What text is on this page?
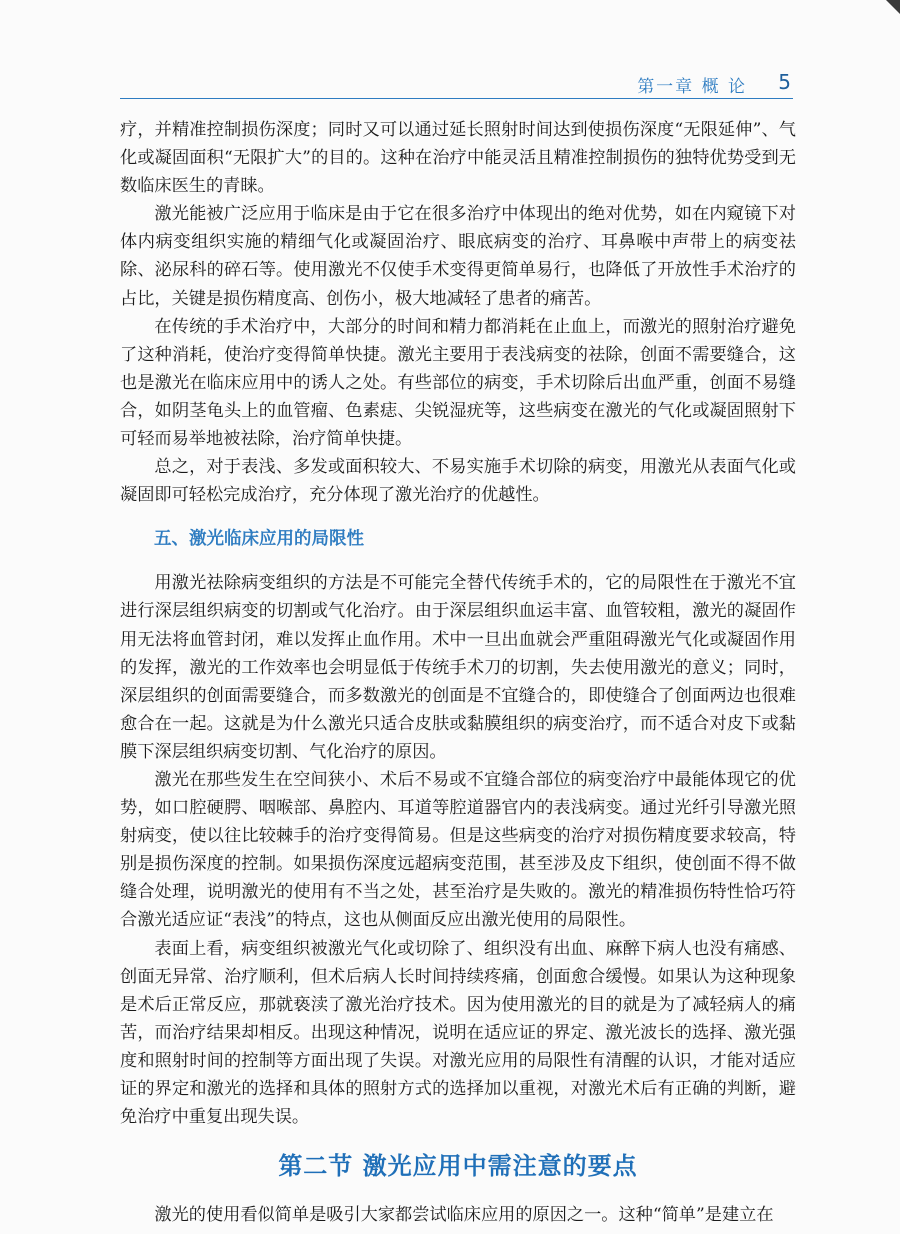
第一章 概 论 5

疗，并精准控制损伤深度；同时又可以通过延长照射时间达到使损伤深度“无限延伸”、气化或凝固面积“无限扩大”的目的。这种在治疗中能灵活且精准控制损伤的独特优势受到无数临床医生的青睐。

激光能被广泛应用于临床是由于它在很多治疗中体现出的绝对优势，如在内窥镜下对体内病变组织实施的精细气化或凝固治疗、眼底病变的治疗、耳鼻喉中声带上的病变祛除、泌尿科的碎石等。使用激光不仅使手术变得更简单易行，也降低了开放性手术治疗的占比，关键是损伤精度高、创伤小，极大地减轻了患者的痛苦。

在传统的手术治疗中，大部分的时间和精力都消耗在止血上，而激光的照射治疗避免了这种消耗，使治疗变得简单快捷。激光主要用于表浅病变的祛除，创面不需要缝合，这也是激光在临床应用中的诱人之处。有些部位的病变，手术切除后出血严重，创面不易缝合，如阴茎龟头上的血管瘤、色素痣、尖锐湿疣等，这些病变在激光的气化或凝固照射下可轻而易举地被祛除，治疗简单快捷。

总之，对于表浅、多发或面积较大、不易实施手术切除的病变，用激光从表面气化或凝固即可轻松完成治疗，充分体现了激光治疗的优越性。

五、激光临床应用的局限性

用激光祛除病变组织的方法是不可能完全替代传统手术的，它的局限性在于激光不宜进行深层组织病变的切割或气化治疗。由于深层组织血运丰富、血管较粗，激光的凝固作用无法将血管封闭，难以发挥止血作用。术中一旦出血就会严重阻碍激光气化或凝固作用的发挥，激光的工作效率也会明显低于传统手术刀的切割，失去使用激光的意义；同时，深层组织的创面需要缝合，而多数激光的创面是不宜缝合的，即使缝合了创面两边也很难愈合在一起。这就是为什么激光只适合皮肤或黏膜组织的病变治疗，而不适合对皮下或黏膜下深层组织病变切割、气化治疗的原因。

激光在那些发生在空间狭小、术后不易或不宜缝合部位的病变治疗中最能体现它的优势，如口腔硬腭、咽喉部、鼻腔内、耳道等腔道器官内的表浅病变。通过光纤引导激光照射病变，使以往比较棘手的治疗变得简易。但是这些病变的治疗对损伤精度要求较高，特别是损伤深度的控制。如果损伤深度远超病变范围，甚至涉及皮下组织，使创面不得不做缝合处理，说明激光的使用有不当之处，甚至治疗是失败的。激光的精准损伤特性恰巧符合激光适应证“表浅”的特点，这也从侧面反应出激光使用的局限性。

表面上看，病变组织被激光气化或切除了、组织没有出血、麻醉下病人也没有痛感、创面无异常、治疗顺利，但术后病人长时间持续疼痛，创面愈合缓慢。如果认为这种现象是术后正常反应，那就亵渎了激光治疗技术。因为使用激光的目的就是为了减轻病人的痛苦，而治疗结果却相反。出现这种情况，说明在适应证的界定、激光波长的选择、激光强度和照射时间的控制等方面出现了失误。对激光应用的局限性有清醒的认识，才能对适应证的界定和激光的选择和具体的照射方式的选择加以重视，对激光术后有正确的判断，避免治疗中重复出现失误。

第二节 激光应用中需注意的要点

激光的使用看似简单是吸引大家都尝试临床应用的原因之一。这种“简单”是建立在
